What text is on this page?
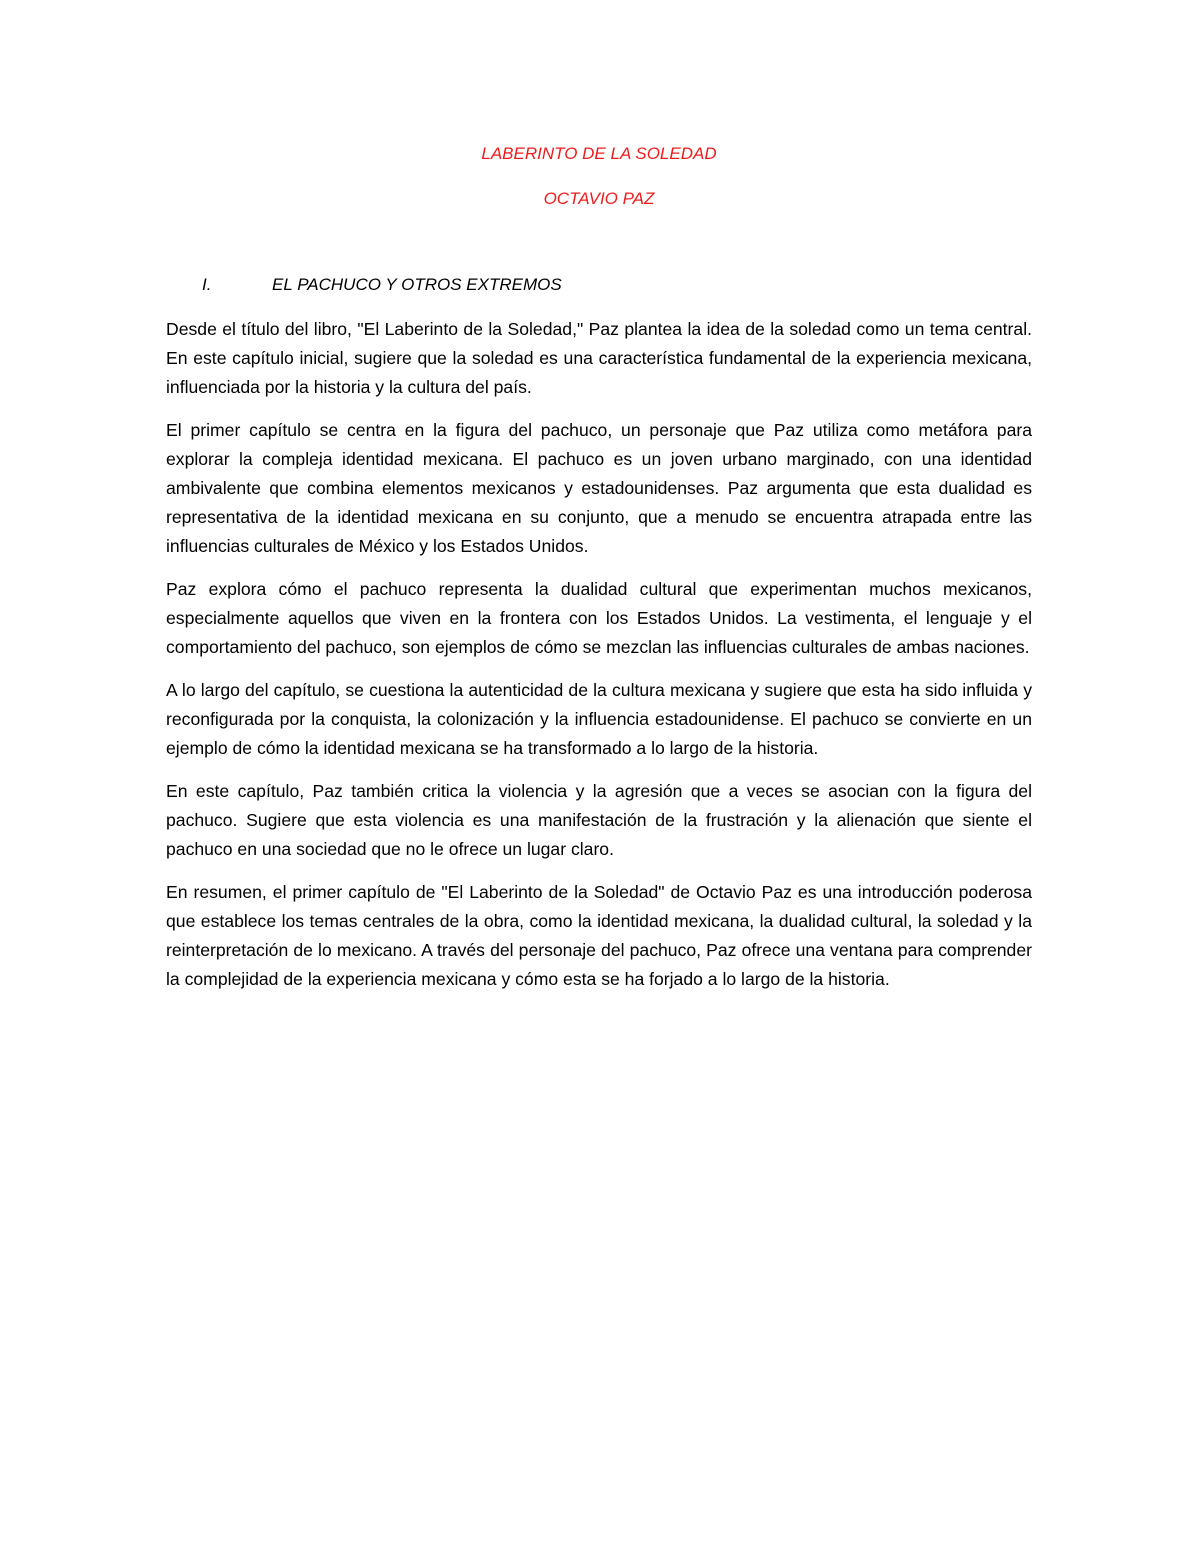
LABERINTO DE LA SOLEDAD
OCTAVIO PAZ
I.	EL PACHUCO Y OTROS EXTREMOS

Desde el título del libro, "El Laberinto de la Soledad," Paz plantea la idea de la soledad como un tema central. En este capítulo inicial, sugiere que la soledad es una característica fundamental de la experiencia mexicana, influenciada por la historia y la cultura del país.

El primer capítulo se centra en la figura del pachuco, un personaje que Paz utiliza como metáfora para explorar la compleja identidad mexicana. El pachuco es un joven urbano marginado, con una identidad ambivalente que combina elementos mexicanos y estadounidenses. Paz argumenta que esta dualidad es representativa de la identidad mexicana en su conjunto, que a menudo se encuentra atrapada entre las influencias culturales de México y los Estados Unidos.

Paz explora cómo el pachuco representa la dualidad cultural que experimentan muchos mexicanos, especialmente aquellos que viven en la frontera con los Estados Unidos. La vestimenta, el lenguaje y el comportamiento del pachuco, son ejemplos de cómo se mezclan las influencias culturales de ambas naciones.

A lo largo del capítulo, se cuestiona la autenticidad de la cultura mexicana y sugiere que esta ha sido influida y reconfigurada por la conquista, la colonización y la influencia estadounidense. El pachuco se convierte en un ejemplo de cómo la identidad mexicana se ha transformado a lo largo de la historia.

En este capítulo, Paz también critica la violencia y la agresión que a veces se asocian con la figura del pachuco. Sugiere que esta violencia es una manifestación de la frustración y la alienación que siente el pachuco en una sociedad que no le ofrece un lugar claro.

En resumen, el primer capítulo de "El Laberinto de la Soledad" de Octavio Paz es una introducción poderosa que establece los temas centrales de la obra, como la identidad mexicana, la dualidad cultural, la soledad y la reinterpretación de lo mexicano. A través del personaje del pachuco, Paz ofrece una ventana para comprender la complejidad de la experiencia mexicana y cómo esta se ha forjado a lo largo de la historia.
